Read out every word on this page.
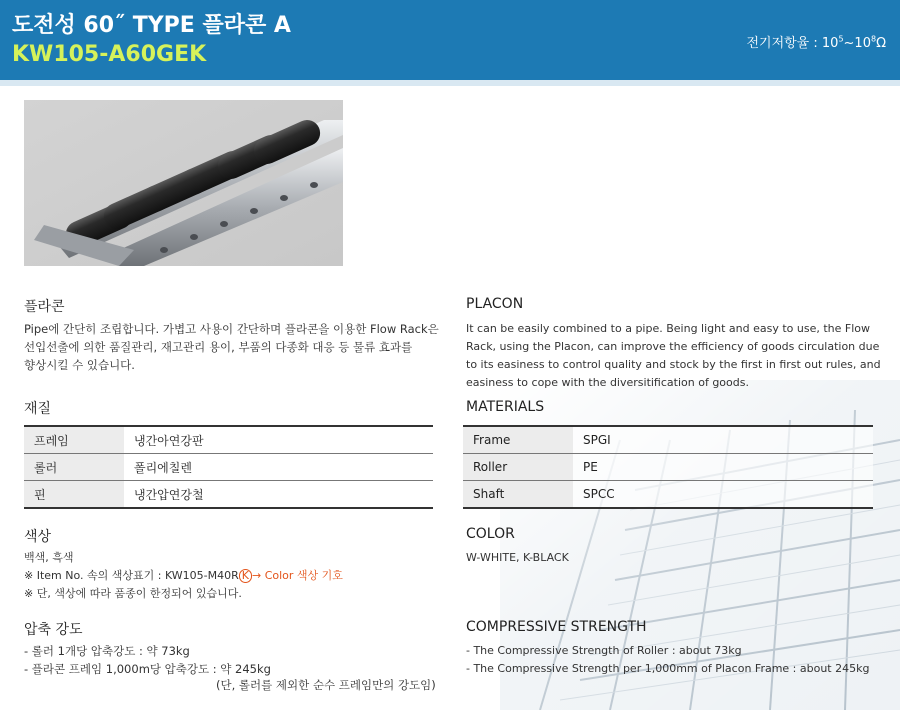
도전성 60˝ TYPE 플라콘 A
KW105-A60GEK	전기저항율 : $10^5\sim 10^8\Omega$
플라콘
Pipe에 간단히 조립합니다. 가볍고 사용이 간단하며 플라콘을 이용한 Flow Rack은
선입선출에 의한 품질관리, 재고관리 용이, 부품의 다종화 대응 등 물류 효과를
향상시킬 수 있습니다.
재질
프레임	냉간아연강판
롤러	폴리에칠렌
핀	냉간압연강철
색상
백색, 흑색
※ Item No. 속의 색상표기 : KW105-M40R K → Color 색상 기호
※ 단, 색상에 따라 품종이 한정되어 있습니다.
압축 강도
- 롤러 1개당 압축강도 : 약 73kg
- 플라콘 프레임 1,000m당 압축강도 : 약 245kg
(단, 롤러를 제외한 순수 프레임만의 강도임)
PLACON
It can be easily combined to a pipe. Being light and easy to use, the Flow
Rack, using the Placon, can improve the efficiency of goods circulation due
to its easiness to control quality and stock by the first in first out rules, and
easiness to cope with the diversitification of goods.
MATERIALS
Frame	SPGI
Roller	PE
Shaft	SPCC
COLOR
W-WHITE, K-BLACK
COMPRESSIVE STRENGTH
- The Compressive Strength of Roller : about 73kg
- The Compressive Strength per 1,000mm of Placon Frame : about 245kg
